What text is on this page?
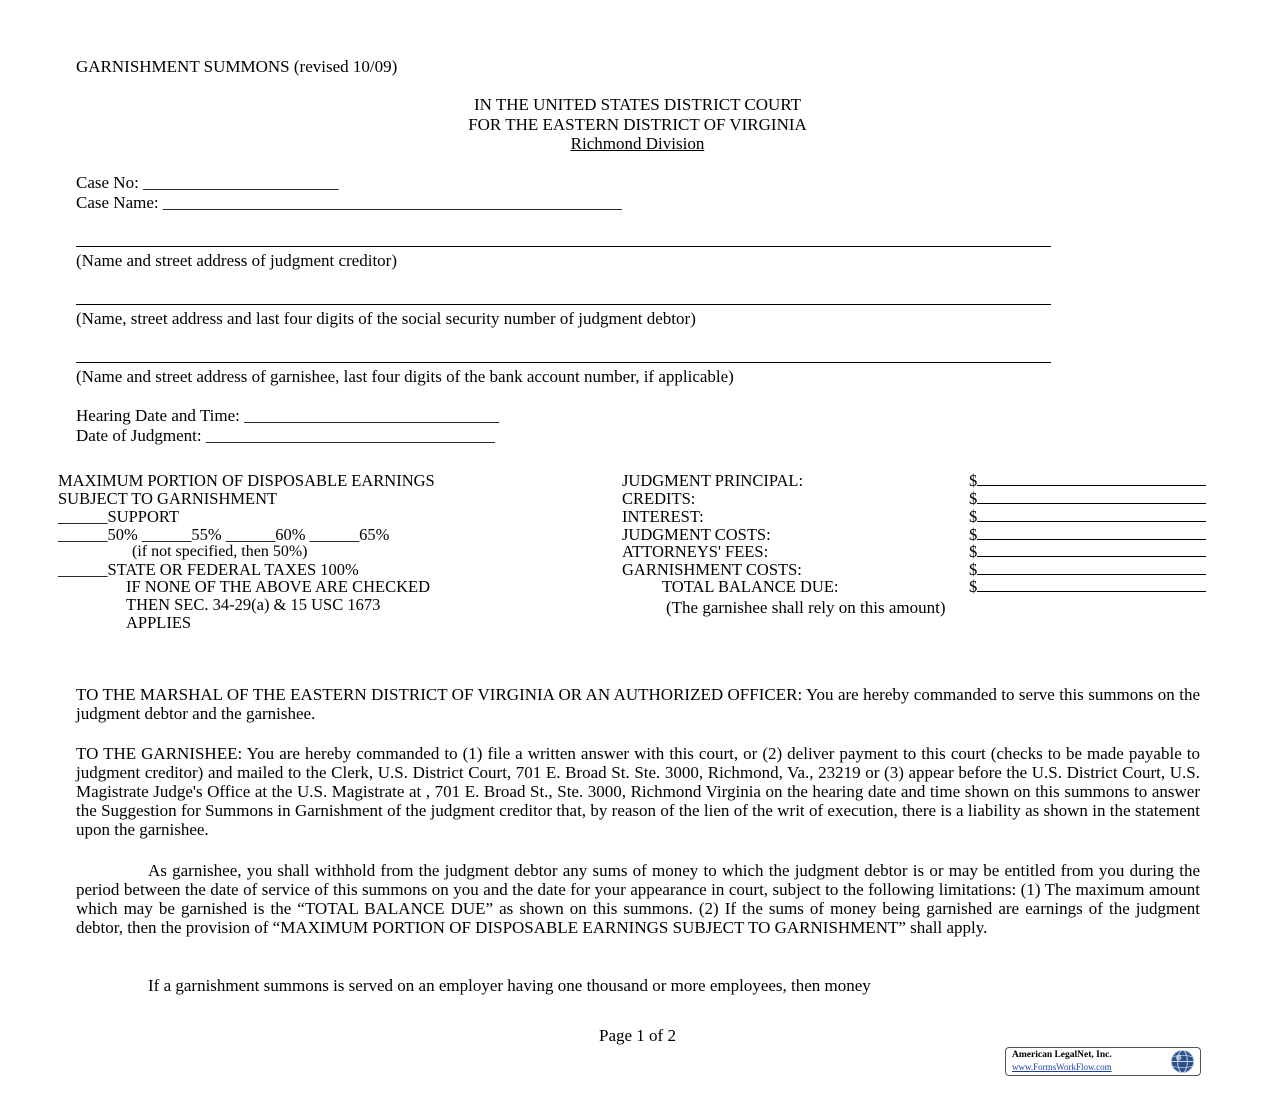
GARNISHMENT SUMMONS (revised 10/09)
IN THE UNITED STATES DISTRICT COURT
FOR THE EASTERN DISTRICT OF VIRGINIA
Richmond Division
Case No: _______________________
Case Name: ______________________________________________________
(Name and street address of judgment creditor)
(Name, street address and last four digits of the social security number of judgment debtor)
(Name and street address of garnishee, last four digits of the bank account number, if applicable)
Hearing Date and Time: ______________________________
Date of Judgment: __________________________________
MAXIMUM PORTION OF DISPOSABLE EARNINGS
SUBJECT TO GARNISHMENT
______SUPPORT
______50% ______55% ______60% ______65%
(if not specified, then 50%)
______STATE OR FEDERAL TAXES 100%
IF NONE OF THE ABOVE ARE CHECKED
THEN SEC. 34-29(a) & 15 USC 1673
APPLIES
JUDGMENT PRINCIPAL:
CREDITS:
INTEREST:
JUDGMENT COSTS:
ATTORNEYS' FEES:
GARNISHMENT COSTS:
TOTAL BALANCE DUE:
$
$
$
$
$
$
$
(The garnishee shall rely on this amount)
TO THE MARSHAL OF THE EASTERN DISTRICT OF VIRGINIA OR AN AUTHORIZED OFFICER: You are hereby commanded to serve this summons on the judgment debtor and the garnishee.
TO THE GARNISHEE: You are hereby commanded to (1) file a written answer with this court, or (2) deliver payment to this court (checks to be made payable to judgment creditor) and mailed to the Clerk, U.S. District Court, 701 E. Broad St. Ste. 3000, Richmond, Va., 23219 or (3) appear before the U.S. District Court, U.S. Magistrate Judge's Office at the U.S. Magistrate at , 701 E. Broad St., Ste. 3000, Richmond Virginia on the hearing date and time shown on this summons to answer the Suggestion for Summons in Garnishment of the judgment creditor that, by reason of the lien of the writ of execution, there is a liability as shown in the statement upon the garnishee.
As garnishee, you shall withhold from the judgment debtor any sums of money to which the judgment debtor is or may be entitled from you during the period between the date of service of this summons on you and the date for your appearance in court, subject to the following limitations: (1) The maximum amount which may be garnished is the “TOTAL BALANCE DUE” as shown on this summons. (2) If the sums of money being garnished are earnings of the judgment debtor, then the provision of “MAXIMUM PORTION OF DISPOSABLE EARNINGS SUBJECT TO GARNISHMENT” shall apply.
If a garnishment summons is served on an employer having one thousand or more employees, then money
Page 1 of 2
American LegalNet, Inc.
www.FormsWorkFlow.com
